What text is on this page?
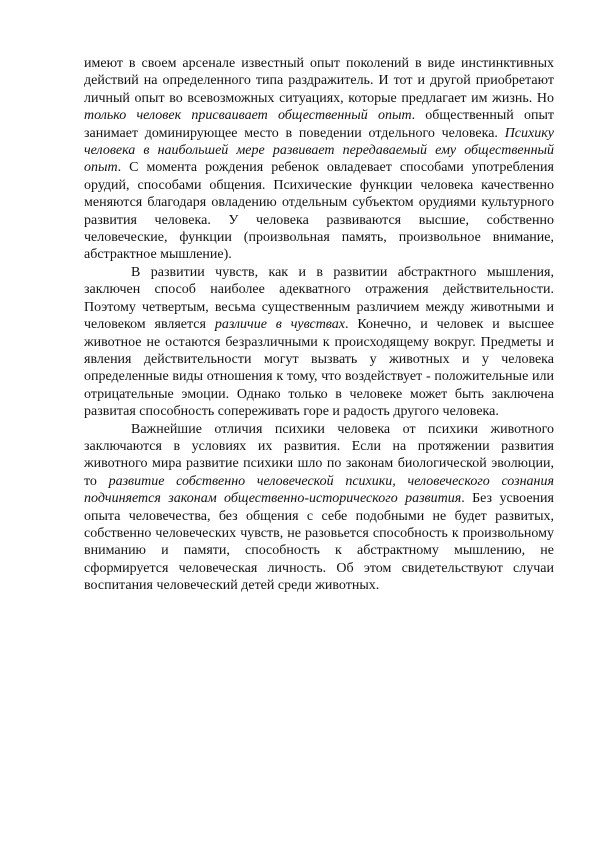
имеют в своем арсенале известный опыт поколений в виде инстинктивных действий на определенного типа раздражитель. И тот и другой приобретают личный опыт во всевозможных ситуациях, которые предлагает им жизнь. Но только человек присваивает общественный опыт. общественный опыт занимает доминирующее место в поведении отдельного человека. Психику человека в наибольшей мере развивает передаваемый ему общественный опыт. С момента рождения ребенок овладевает способами употребления орудий, способами общения. Психические функции человека качественно меняются благодаря овладению отдельным субъектом орудиями культурного развития человека. У человека развиваются высшие, собственно человеческие, функции (произвольная память, произвольное внимание, абстрактное мышление).

В развитии чувств, как и в развитии абстрактного мышления, заключен способ наиболее адекватного отражения действительности. Поэтому четвертым, весьма существенным различием между животными и человеком является различие в чувствах. Конечно, и человек и высшее животное не остаются безразличными к происходящему вокруг. Предметы и явления действительности могут вызвать у животных и у человека определенные виды отношения к тому, что воздействует - положительные или отрицательные эмоции. Однако только в человеке может быть заключена развитая способность сопереживать горе и радость другого человека.

Важнейшие отличия психики человека от психики животного заключаются в условиях их развития. Если на протяжении развития животного мира развитие психики шло по законам биологической эволюции, то развитие собственно человеческой психики, человеческого сознания подчиняется законам общественно-исторического развития. Без усвоения опыта человечества, без общения с себе подобными не будет развитых, собственно человеческих чувств, не разовьется способность к произвольному вниманию и памяти, способность к абстрактному мышлению, не сформируется человеческая личность. Об этом свидетельствуют случаи воспитания человеческий детей среди животных.
